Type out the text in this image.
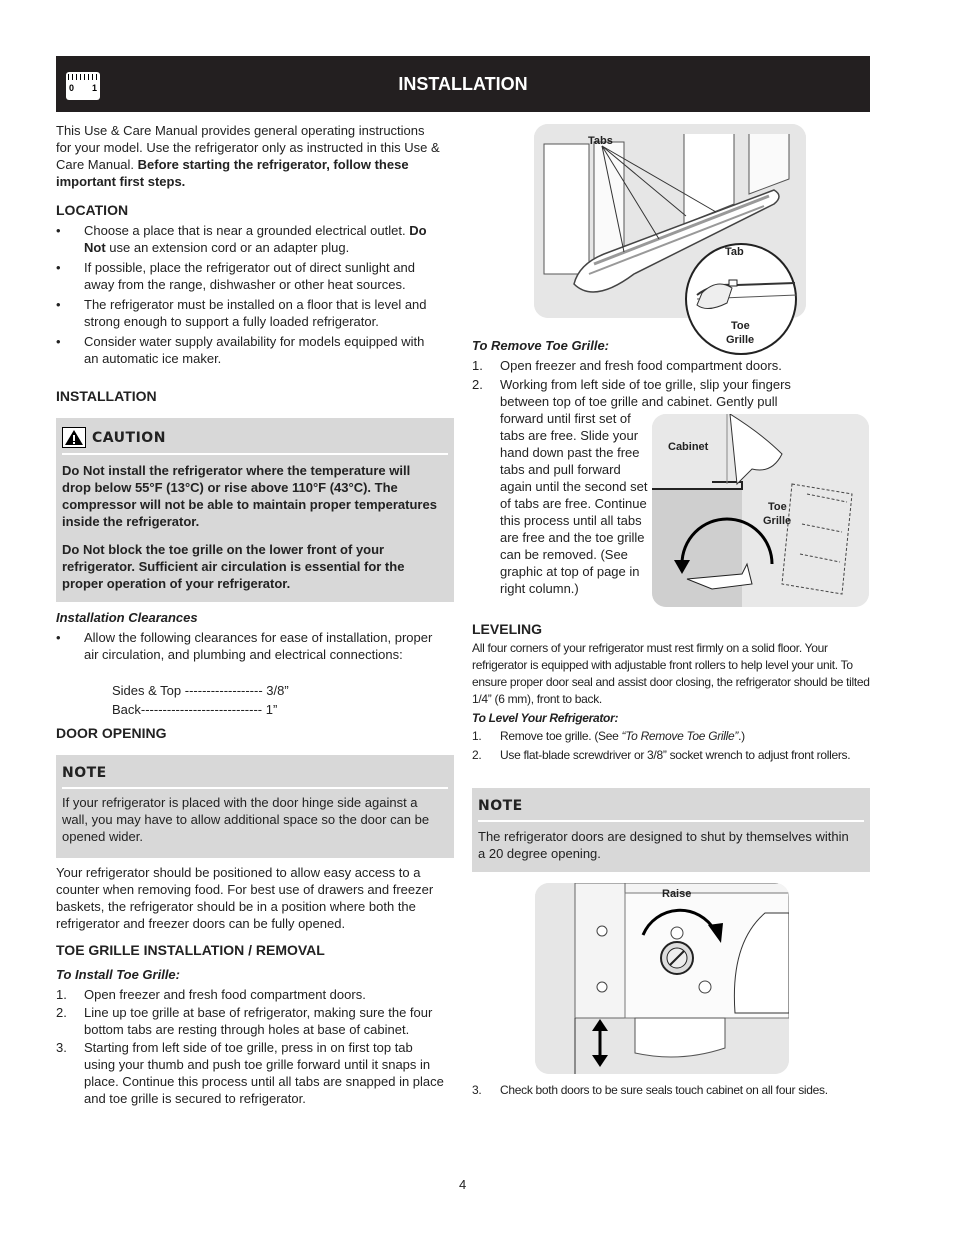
0 1	INSTALLATION

This Use & Care Manual provides general operating instructions for your model. Use the refrigerator only as instructed in this Use & Care Manual. Before starting the refrigerator, follow these important first steps.

LOCATION
• Choose a place that is near a grounded electrical outlet. Do Not use an extension cord or an adapter plug.
• If possible, place the refrigerator out of direct sunlight and away from the range, dishwasher or other heat sources.
• The refrigerator must be installed on a floor that is level and strong enough to support a fully loaded refrigerator.
• Consider water supply availability for models equipped with an automatic ice maker.
INSTALLATION
CAUTION

Do Not install the refrigerator where the temperature will drop below 55°F (13°C) or rise above 110°F (43°C). The compressor will not be able to maintain proper temperatures inside the refrigerator.

Do Not block the toe grille on the lower front of your refrigerator. Sufficient air circulation is essential for the proper operation of your refrigerator.

Installation Clearances
• Allow the following clearances for ease of installation, proper air circulation, and plumbing and electrical connections:
Sides & Top ------------------ 3/8”
Back---------------------------- 1”
DOOR OPENING
NOTE

If your refrigerator is placed with the door hinge side against a wall, you may have to allow additional space so the door can be opened wider.

Your refrigerator should be positioned to allow easy access to a counter when removing food. For best use of drawers and freezer baskets, the refrigerator should be in a position where both the refrigerator and freezer doors can be fully opened.

TOE GRILLE INSTALLATION / REMOVAL
To Install Toe Grille:
1. Open freezer and fresh food compartment doors.
2. Line up toe grille at base of refrigerator, making sure the four bottom tabs are resting through holes at base of cabinet.
3. Starting from left side of toe grille, press in on first top tab using your thumb and push toe grille forward until it snaps in place. Continue this process until all tabs are snapped in place and toe grille is secured to refrigerator.
Tabs
Tab
Toe
Grille
To Remove Toe Grille:
1. Open freezer and fresh food compartment doors.
2. Working from left side of toe grille, slip your fingers between top of toe grille and cabinet. Gently pull

forward until first set of tabs are free. Slide your hand down past the free tabs and pull forward again until the second set of tabs are free. Continue this process until all tabs are free and the toe grille can be removed. (See graphic at top of page in right column.)

Cabinet
Toe
Grille
LEVELING

All four corners of your refrigerator must rest firmly on a solid floor. Your refrigerator is equipped with adjustable front rollers to help level your unit. To ensure proper door seal and assist door closing, the refrigerator should be tilted 1/4” (6 mm), front to back.

To Level Your Refrigerator:
1. Remove toe grille. (See “To Remove Toe Grille”.)
2. Use flat-blade screwdriver or 3/8” socket wrench to adjust front rollers.
NOTE

The refrigerator doors are designed to shut by themselves within a 20 degree opening.

Raise
3. Check both doors to be sure seals touch cabinet on all four sides.
4
